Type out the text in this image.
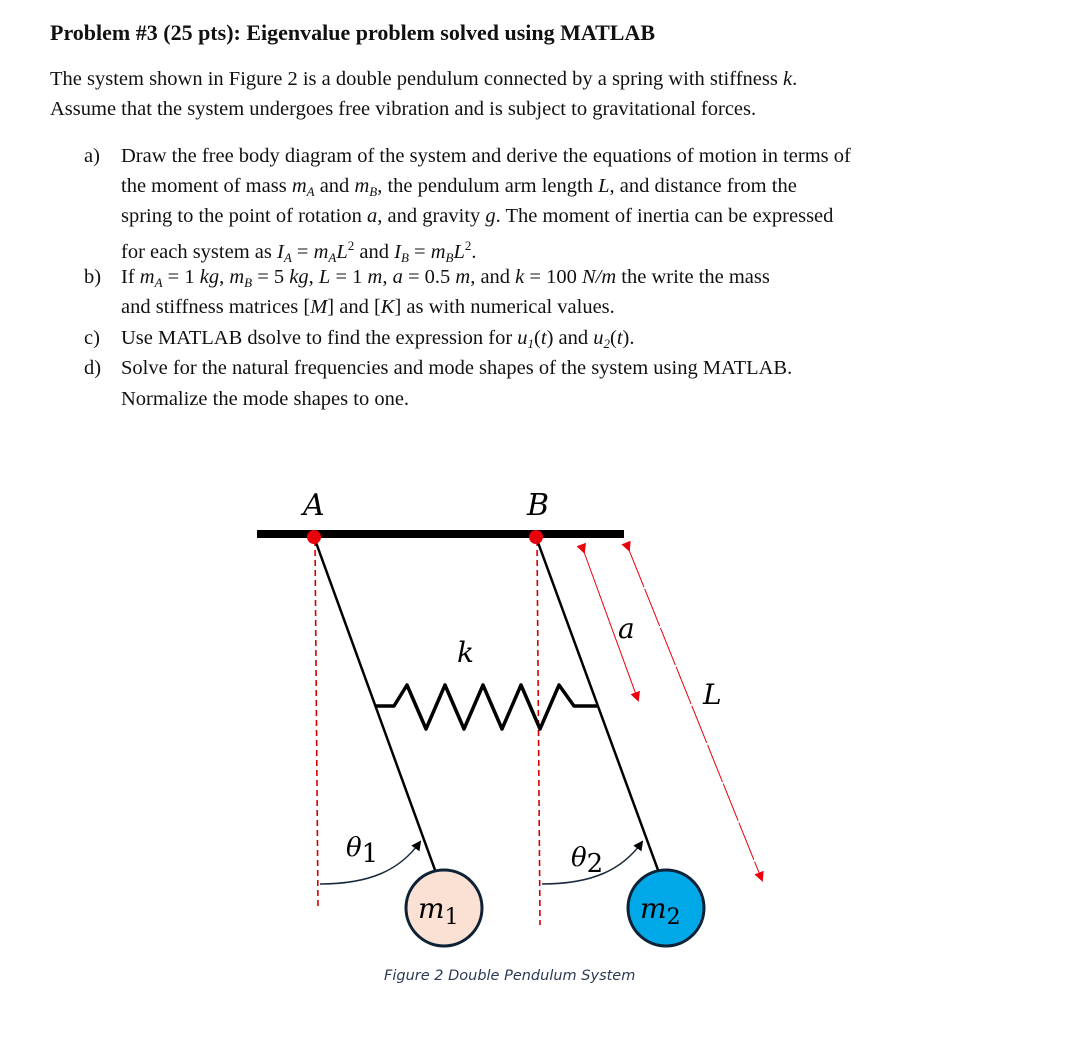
Problem #3 (25 pts): Eigenvalue problem solved using MATLAB
The system shown in Figure 2 is a double pendulum connected by a spring with stiffness k.
Assume that the system undergoes free vibration and is subject to gravitational forces.
a) Draw the free body diagram of the system and derive the equations of motion in terms of
the moment of mass $m_A$ and $m_B$, the pendulum arm length L, and distance from the
spring to the point of rotation a, and gravity g. The moment of inertia can be expressed
for each system as $I_A = m_AL^2$ and $I_B = m_BL^2$.
b) If $m_A = 1$ kg, $m_B = 5$ kg, L = 1 m, a = 0.5 m, and k = 100 N/m the write the mass
and stiffness matrices [M] and [K] as with numerical values.
c) Use MATLAB dsolve to find the expression for $u_1(t)$ and $u_2(t)$.
d) Solve for the natural frequencies and mode shapes of the system using MATLAB.
Normalize the mode shapes to one.
A	B
k
a
L
θ1	θ2
$m_1$	$m_2$
Figure 2 Double Pendulum System
